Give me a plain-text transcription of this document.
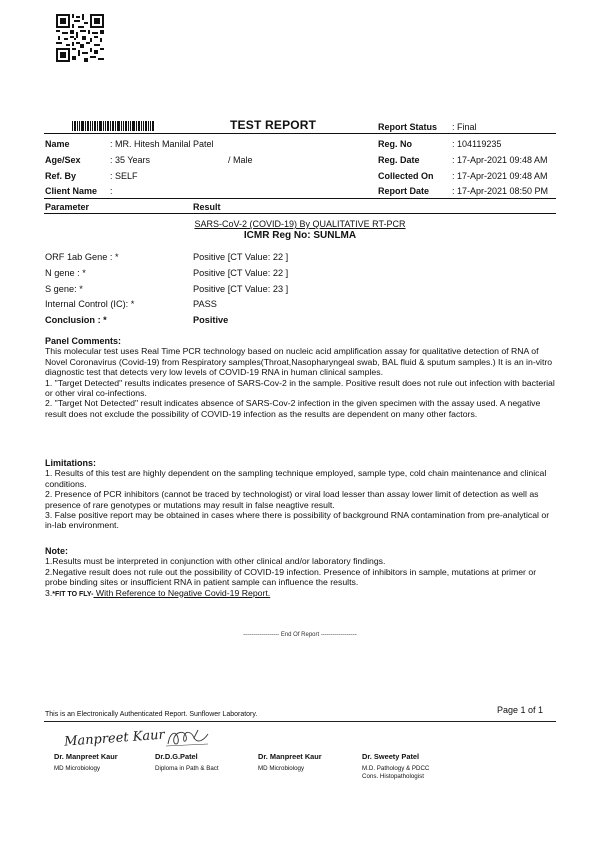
TEST REPORT	Report Status : Final
Name	: MR. Hitesh Manilal Patel
Age/Sex	: 35 Years	/ Male
Ref. By	: SELF
Client Name :
Reg. No	: 104119235
Reg. Date	: 17-Apr-2021 09:48 AM
Collected On : 17-Apr-2021 09:48 AM
Report Date	: 17-Apr-2021 08:50 PM
Parameter	Result
SARS-CoV-2 (COVID-19) By QUALITATIVE RT-PCR
ICMR Reg No: SUNLMA
ORF 1ab Gene : *	Positive [CT Value: 22 ]
N gene : *	Positive [CT Value: 22 ]
S gene: *	Positive [CT Value: 23 ]
Internal Control (IC): *	PASS
Conclusion : *	Positive

Panel Comments:

This molecular test uses Real Time PCR technology based on nucleic acid amplification assay for qualitative detection of RNA of Novel Coronavirus (Covid-19) from Respiratory samples(Throat,Nasopharyngeal swab, BAL fluid & sputum samples.) It is an in-vitro diagnostic test that detects very low levels of COVID-19 RNA in human clinical samples.

1. "Target Detected" results indicates presence of SARS-Cov-2 in the sample. Positive result does not rule out infection with bacterial or other viral co-infections.

2. "Target Not Detected" result indicates absence of SARS-Cov-2 infection in the given specimen with the assay used. A negative result does not exclude the possibility of COVID-19 infection as the results are dependent on many other factors.

Limitations:

1. Results of this test are highly dependent on the sampling technique employed, sample type, cold chain maintenance and clinical conditions.

2. Presence of PCR inhibitors (cannot be traced by technologist) or viral load lesser than assay lower limit of detection as well as presence of rare genotypes or mutations may result in false neagtive result.

3. False positive report may be obtained in cases where there is possibility of background RNA contamination from pre-analytical or in-lab environment.

Note:

1.Results must be interpreted in conjunction with other clinical and/or laboratory findings.

2.Negative result does not rule out the possibility of COVID-19 infection. Presence of inhibitors in sample, mutations at primer or probe binding sites or insufficient RNA in patient sample can influence the results.

3.*FIT TO FLY- With Reference to Negative Covid-19 Report.

------------------ End Of Report ------------------
This is an Electronically Authenticated Report. Sunflower Laboratory.	Page 1 of 1
Manpreet Kaur
Dr. Manpreet Kaur
MD Microbiology
Dr.D.G.Patel
Diploma in Path & Bact
Dr. Manpreet Kaur
MD Microbiology
Dr. Sweety Patel
M.D. Pathology & PDCC
Cons. Histopathologist
